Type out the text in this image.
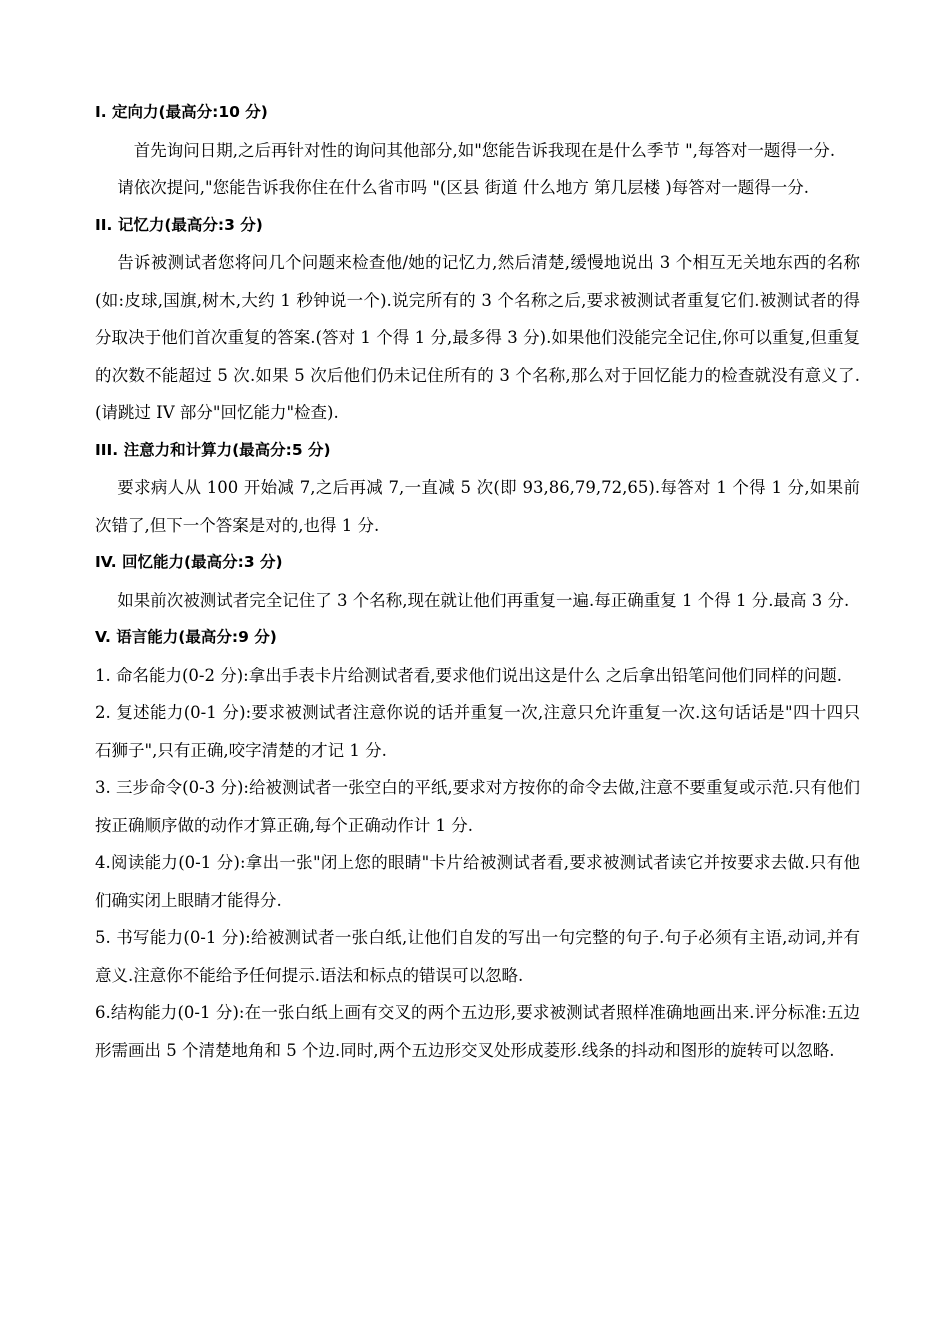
I. 定向力(最高分:10 分)

首先询问日期,之后再针对性的询问其他部分,如"您能告诉我现在是什么季节 ",每答对一题得一分.

请依次提问,"您能告诉我你住在什么省市吗 "(区县 街道 什么地方 第几层楼 )每答对一题得一分.

II. 记忆力(最高分:3 分)

告诉被测试者您将问几个问题来检查他/她的记忆力,然后清楚,缓慢地说出 3 个相互无关地东西的名称(如:皮球,国旗,树木,大约 1 秒钟说一个).说完所有的 3 个名称之后,要求被测试者重复它们.被测试者的得分取决于他们首次重复的答案.(答对 1 个得 1 分,最多得 3 分).如果他们没能完全记住,你可以重复,但重复的次数不能超过 5 次.如果 5 次后他们仍未记住所有的 3 个名称,那么对于回忆能力的检查就没有意义了.(请跳过 IV 部分"回忆能力"检查).

III. 注意力和计算力(最高分:5 分)

要求病人从 100 开始减 7,之后再减 7,一直减 5 次(即 93,86,79,72,65).每答对 1 个得 1 分,如果前次错了,但下一个答案是对的,也得 1 分.

IV. 回忆能力(最高分:3 分)

如果前次被测试者完全记住了 3 个名称,现在就让他们再重复一遍.每正确重复 1 个得 1 分.最高 3 分.

V. 语言能力(最高分:9 分)

1. 命名能力(0-2 分):拿出手表卡片给测试者看,要求他们说出这是什么 之后拿出铅笔问他们同样的问题.

2. 复述能力(0-1 分):要求被测试者注意你说的话并重复一次,注意只允许重复一次.这句话话是"四十四只石狮子",只有正确,咬字清楚的才记 1 分.

3. 三步命令(0-3 分):给被测试者一张空白的平纸,要求对方按你的命令去做,注意不要重复或示范.只有他们按正确顺序做的动作才算正确,每个正确动作计 1 分.

4.阅读能力(0-1 分):拿出一张"闭上您的眼睛"卡片给被测试者看,要求被测试者读它并按要求去做.只有他们确实闭上眼睛才能得分.

5. 书写能力(0-1 分):给被测试者一张白纸,让他们自发的写出一句完整的句子.句子必须有主语,动词,并有意义.注意你不能给予任何提示.语法和标点的错误可以忽略.

6.结构能力(0-1 分):在一张白纸上画有交叉的两个五边形,要求被测试者照样准确地画出来.评分标准:五边形需画出 5 个清楚地角和 5 个边.同时,两个五边形交叉处形成菱形.线条的抖动和图形的旋转可以忽略.
